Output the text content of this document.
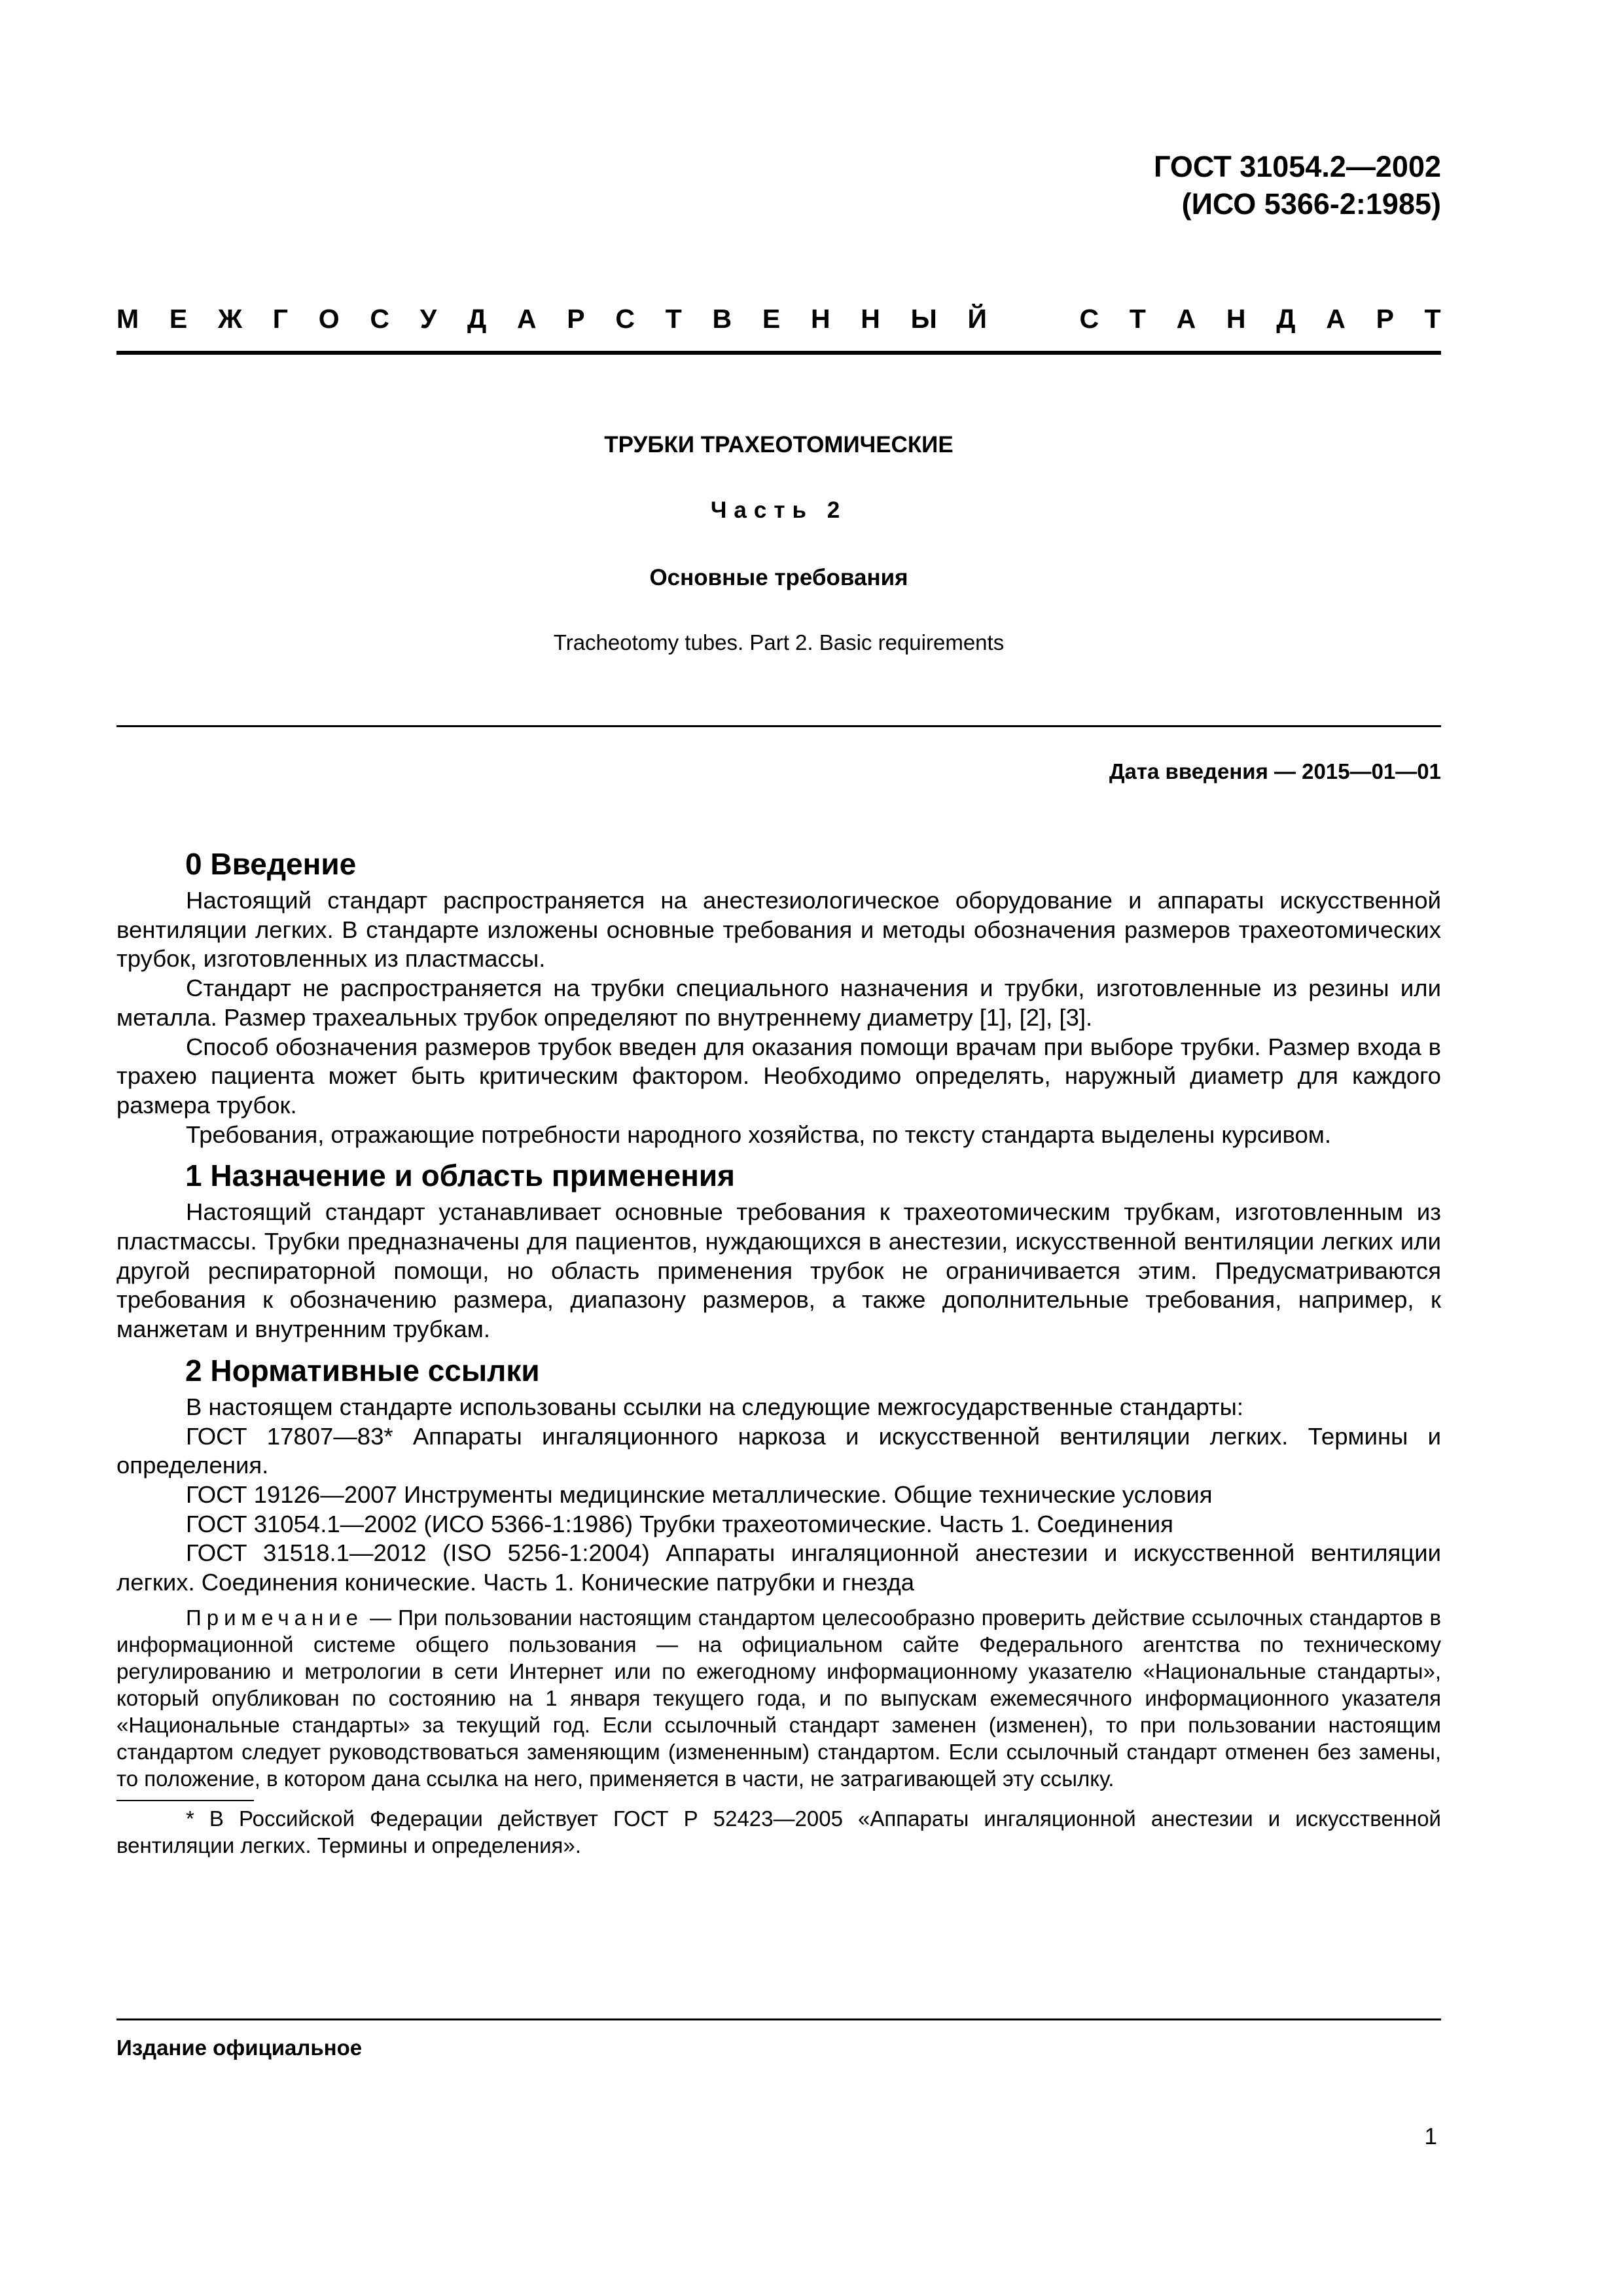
ГОСТ 31054.2—2002
(ИСО 5366-2:1985)
М Е Ж Г О С У Д А Р С Т В Е Н Н Ы Й	С Т А Н Д А Р Т
ТРУБКИ ТРАХЕОТОМИЧЕСКИЕ
Часть 2
Основные требования
Tracheotomy tubes. Part 2. Basic requirements
Дата введения — 2015—01—01
0 Введение

Настоящий стандарт распространяется на анестезиологическое оборудование и аппараты искусственной вентиляции легких. В стандарте изложены основные требования и методы обозначения размеров трахеотомических трубок, изготовленных из пластмассы.

Стандарт не распространяется на трубки специального назначения и трубки, изготовленные из резины или металла. Размер трахеальных трубок определяют по внутреннему диаметру [1], [2], [3].

Способ обозначения размеров трубок введен для оказания помощи врачам при выборе трубки. Размер входа в трахею пациента может быть критическим фактором. Необходимо определять, наружный диаметр для каждого размера трубок.

Требования, отражающие потребности народного хозяйства, по тексту стандарта выделены курсивом.

1 Назначение и область применения

Настоящий стандарт устанавливает основные требования к трахеотомическим трубкам, изготовленным из пластмассы. Трубки предназначены для пациентов, нуждающихся в анестезии, искусственной вентиляции легких или другой респираторной помощи, но область применения трубок не ограничивается этим. Предусматриваются требования к обозначению размера, диапазону размеров, а также дополнительные требования, например, к манжетам и внутренним трубкам.

2 Нормативные ссылки

В настоящем стандарте использованы ссылки на следующие межгосударственные стандарты:

ГОСТ 17807—83* Аппараты ингаляционного наркоза и искусственной вентиляции легких. Термины и определения.

ГОСТ 19126—2007 Инструменты медицинские металлические. Общие технические условия

ГОСТ 31054.1—2002 (ИСО 5366-1:1986) Трубки трахеотомические. Часть 1. Соединения

ГОСТ 31518.1—2012 (ISO 5256-1:2004) Аппараты ингаляционной анестезии и искусственной вентиляции легких. Соединения конические. Часть 1. Конические патрубки и гнезда

Примечание — При пользовании настоящим стандартом целесообразно проверить действие ссылочных стандартов в информационной системе общего пользования — на официальном сайте Федерального агентства по техническому регулированию и метрологии в сети Интернет или по ежегодному информационному указателю «Национальные стандарты», который опубликован по состоянию на 1 января текущего года, и по выпускам ежемесячного информационного указателя «Национальные стандарты» за текущий год. Если ссылочный стандарт заменен (изменен), то при пользовании настоящим стандартом следует руководствоваться заменяющим (измененным) стандартом. Если ссылочный стандарт отменен без замены, то положение, в котором дана ссылка на него, применяется в части, не затрагивающей эту ссылку.

* В Российской Федерации действует ГОСТ Р 52423—2005 «Аппараты ингаляционной анестезии и искусственной вентиляции легких. Термины и определения».

Издание официальное
1
